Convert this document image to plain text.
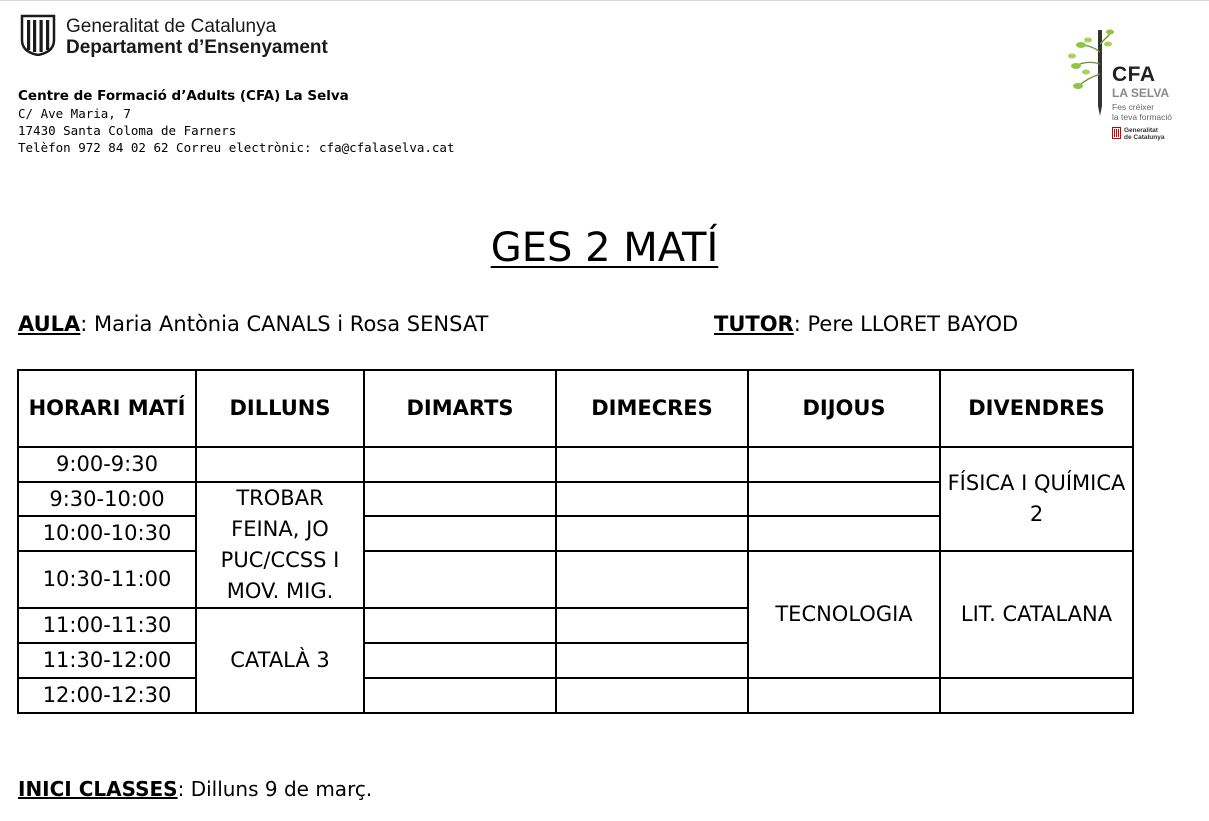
Generalitat de Catalunya
Departament d’Ensenyament
Centre de Formació d’Adults (CFA) La Selva
C/ Ave Maria, 7
17430 Santa Coloma de Farners
Telèfon 972 84 02 62 Correu electrònic: cfa@cfalaselva.cat
CFA
LA SELVA
Fes créixer
la teva formació
Generalitat
de Catalunya
GES 2 MATÍ
AULA: Maria Antònia CANALS i Rosa SENSAT	TUTOR: Pere LLORET BAYOD
HORARI MATÍ	DILLUNS	DIMARTS	DIMECRES	DIJOUS	DIVENDRES
9:00-9:30					FÍSICA I QUÍMICA 2
9:30-10:00	TROBAR FEINA, JO PUC/CCSS I MOV. MIG.				
10:00-10:30					
10:30-11:00				TECNOLOGIA	LIT. CATALANA
11:00-11:30	CATALÀ 3				
11:30-12:00					
12:00-12:30					
INICI CLASSES: Dilluns 9 de març.
